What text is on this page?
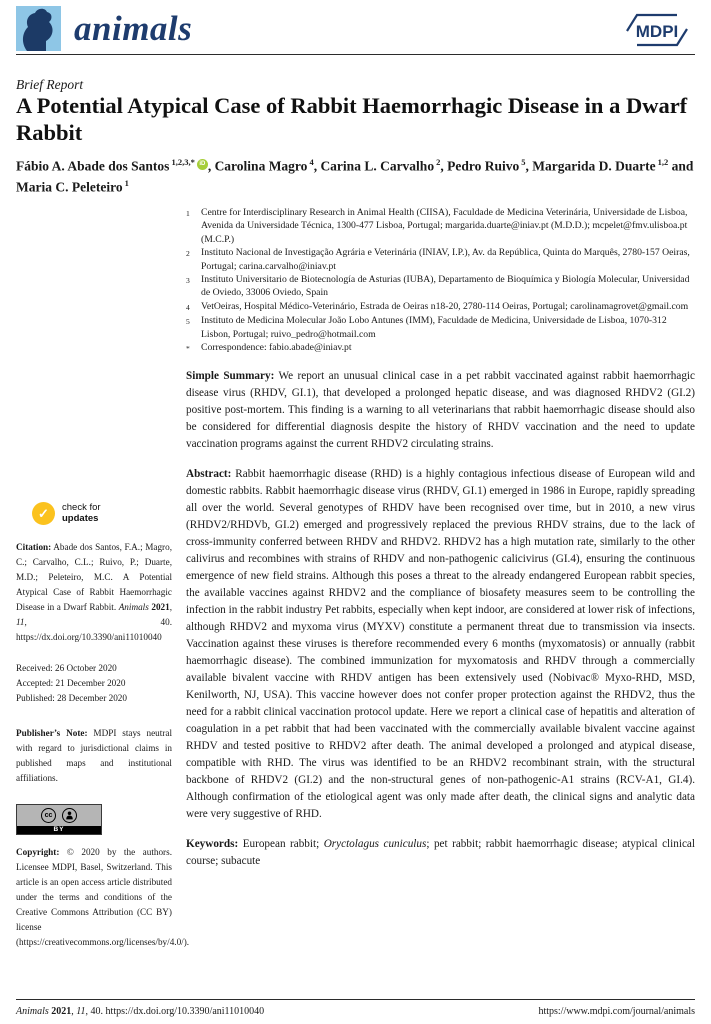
animals	MDPI
Brief Report
A Potential Atypical Case of Rabbit Haemorrhagic Disease in a Dwarf Rabbit
Fábio A. Abade dos Santos $^{1,2,3,*}$ iD , Carolina Magro $^4$, Carina L. Carvalho $^2$, Pedro Ruivo $^5$, Margarida D. Duarte $^{1,2}$ and Maria C. Peleteiro $^1$
✓	check for
updates

Citation: Abade dos Santos, F.A.; Magro, C.; Carvalho, C.L.; Ruivo, P.; Duarte, M.D.; Peleteiro, M.C. A Potential Atypical Case of Rabbit Haemorrhagic Disease in a Dwarf Rabbit. Animals 2021, 11, 40. https://dx.doi.org/10.3390/ani11010040

Received: 26 October 2020
Accepted: 21 December 2020
Published: 28 December 2020

Publisher’s Note: MDPI stays neutral with regard to jurisdictional claims in published maps and institutional affiliations.

cc
BY

Copyright: © 2020 by the authors. Licensee MDPI, Basel, Switzerland. This article is an open access article distributed under the terms and conditions of the Creative Commons Attribution (CC BY) license (https://creativecommons.org/licenses/by/4.0/).

1	Centre for Interdisciplinary Research in Animal Health (CIISA), Faculdade de Medicina Veterinária, Universidade de Lisboa, Avenida da Universidade Técnica, 1300-477 Lisboa, Portugal; margarida.duarte@iniav.pt (M.D.D.); mcpelet@fmv.ulisboa.pt (M.C.P.)
2	Instituto Nacional de Investigação Agrária e Veterinária (INIAV, I.P.), Av. da República, Quinta do Marquês, 2780-157 Oeiras, Portugal; carina.carvalho@iniav.pt
3	Instituto Universitario de Biotecnología de Asturias (IUBA), Departamento de Bioquímica y Biología Molecular, Universidad de Oviedo, 33006 Oviedo, Spain
4	VetOeiras, Hospital Médico-Veterinário, Estrada de Oeiras n18-20, 2780-114 Oeiras, Portugal; carolinamagrovet@gmail.com
5	Instituto de Medicina Molecular João Lobo Antunes (IMM), Faculdade de Medicina, Universidade de Lisboa, 1070-312 Lisbon, Portugal; ruivo_pedro@hotmail.com
*	Correspondence: fabio.abade@iniav.pt

Simple Summary: We report an unusual clinical case in a pet rabbit vaccinated against rabbit haemorrhagic disease virus (RHDV, GI.1), that developed a prolonged hepatic disease, and was diagnosed RHDV2 (GI.2) positive post-mortem. This finding is a warning to all veterinarians that rabbit haemorrhagic disease should also be considered for differential diagnosis despite the history of RHDV vaccination and the need to update vaccination programs against the current RHDV2 circulating strains.

Abstract: Rabbit haemorrhagic disease (RHD) is a highly contagious infectious disease of European wild and domestic rabbits. Rabbit haemorrhagic disease virus (RHDV, GI.1) emerged in 1986 in Europe, rapidly spreading all over the world. Several genotypes of RHDV have been recognised over time, but in 2010, a new virus (RHDV2/RHDVb, GI.2) emerged and progressively replaced the previous RHDV strains, due to the lack of cross-immunity conferred between RHDV and RHDV2. RHDV2 has a high mutation rate, similarly to the other calivirus and recombines with strains of RHDV and non-pathogenic calicivirus (GI.4), ensuring the continuous emergence of new field strains. Although this poses a threat to the already endangered European rabbit species, the available vaccines against RHDV2 and the compliance of biosafety measures seem to be controlling the infection in the rabbit industry Pet rabbits, especially when kept indoor, are considered at lower risk of infections, although RHDV2 and myxoma virus (MYXV) constitute a permanent threat due to transmission via insects. Vaccination against these viruses is therefore recommended every 6 months (myxomatosis) or annually (rabbit haemorrhagic disease). The combined immunization for myxomatosis and RHDV through a commercially available bivalent vaccine with RHDV antigen has been extensively used (Nobivac® Myxo-RHD, MSD, Kenilworth, NJ, USA). This vaccine however does not confer proper protection against the RHDV2, thus the need for a rabbit clinical vaccination protocol update. Here we report a clinical case of hepatitis and alteration of coagulation in a pet rabbit that had been vaccinated with the commercially available bivalent vaccine against RHDV and tested positive to RHDV2 after death. The animal developed a prolonged and atypical disease, compatible with RHD. The virus was identified to be an RHDV2 recombinant strain, with the structural backbone of RHDV2 (GI.2) and the non-structural genes of non-pathogenic-A1 strains (RCV-A1, GI.4). Although confirmation of the etiological agent was only made after death, the clinical signs and analytic data were very suggestive of RHD.

Keywords: European rabbit; Oryctolagus cuniculus; pet rabbit; rabbit haemorrhagic disease; atypical clinical course; subacute

Animals 2021, 11, 40. https://dx.doi.org/10.3390/ani11010040	https://www.mdpi.com/journal/animals
